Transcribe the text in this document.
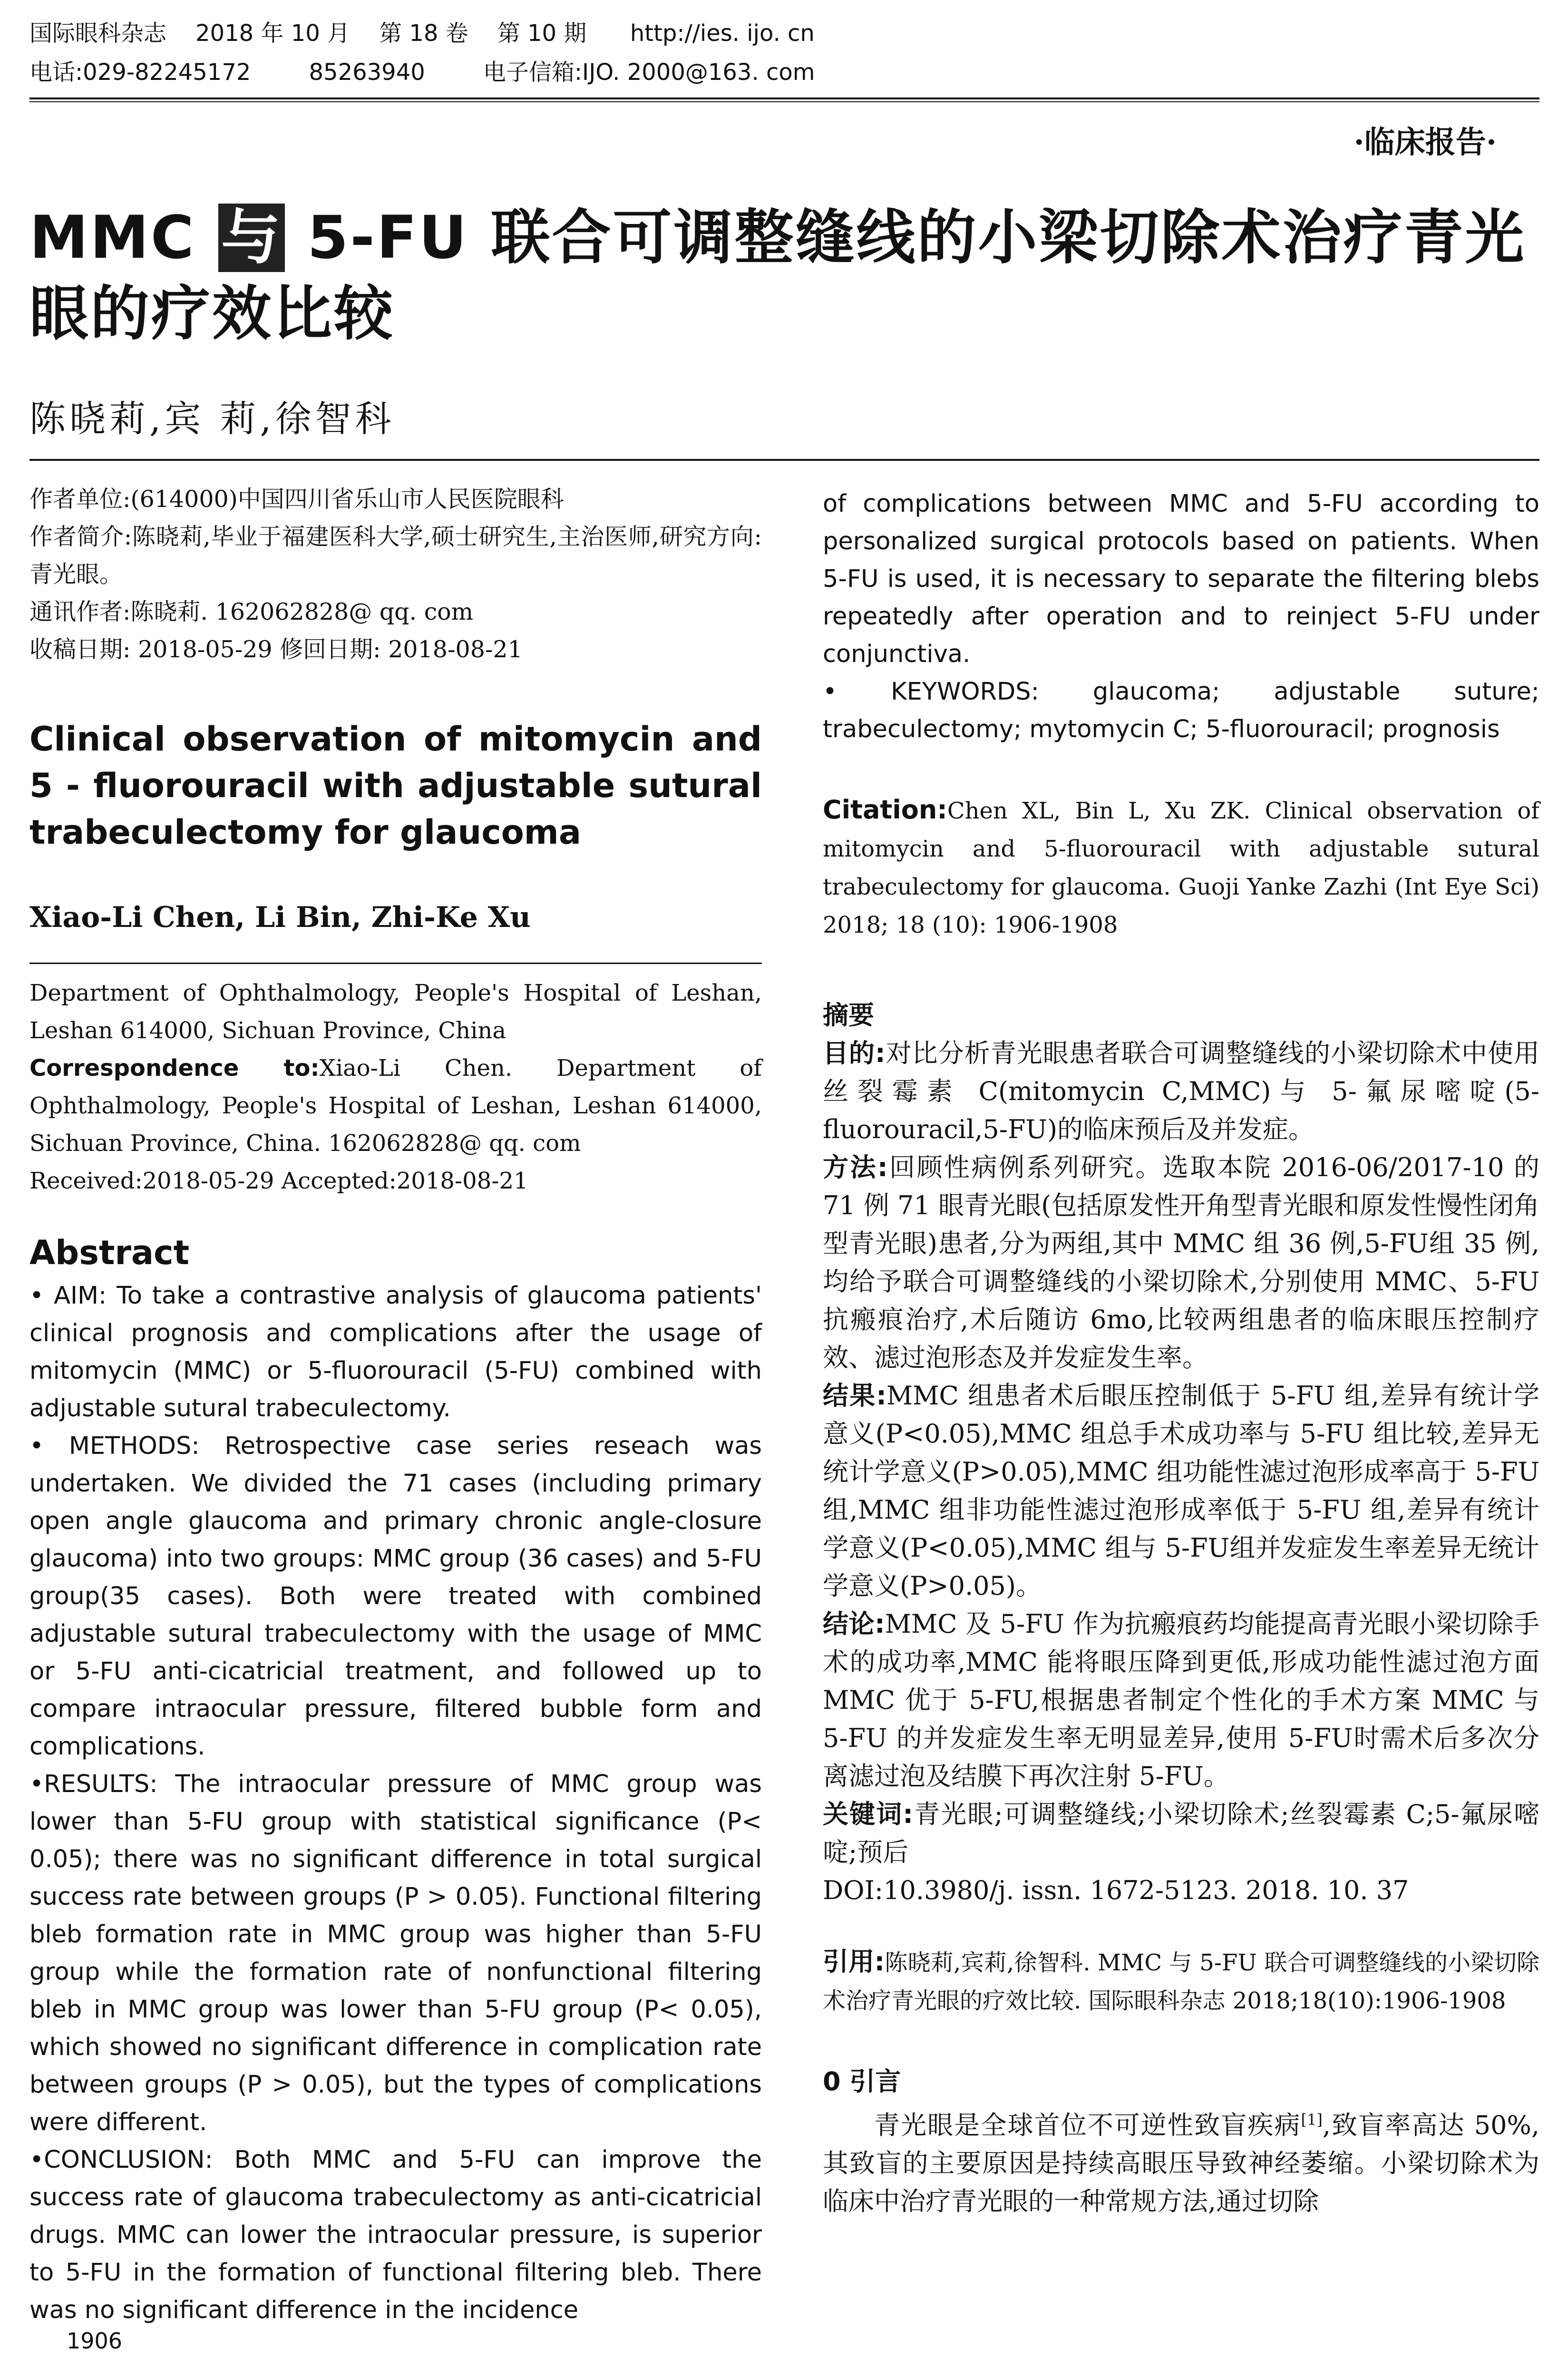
国际眼科杂志    2018 年 10 月    第 18 卷    第 10 期      http://ies. ijo. cn
电话:029-82245172        85263940        电子信箱:IJO. 2000@163. com
·临床报告·
MMC 与 5-FU 联合可调整缝线的小梁切除术治疗青光眼的疗效比较
陈晓莉,宾 莉,徐智科

作者单位:(614000)中国四川省乐山市人民医院眼科

作者简介:陈晓莉,毕业于福建医科大学,硕士研究生,主治医师,研究方向:青光眼。

通讯作者:陈晓莉. 162062828@ qq. com

收稿日期: 2018-05-29 修回日期: 2018-08-21

Clinical observation of mitomycin and 5 - fluorouracil with adjustable sutural trabeculectomy for glaucoma
Xiao-Li Chen, Li Bin, Zhi-Ke Xu

Department of Ophthalmology, People's Hospital of Leshan, Leshan 614000, Sichuan Province, China

Correspondence to:Xiao-Li Chen. Department of Ophthalmology, People's Hospital of Leshan, Leshan 614000, Sichuan Province, China. 162062828@ qq. com

Received:2018-05-29 Accepted:2018-08-21

Abstract

• AIM: To take a contrastive analysis of glaucoma patients' clinical prognosis and complications after the usage of mitomycin (MMC) or 5-fluorouracil (5-FU) combined with adjustable sutural trabeculectomy.

• METHODS: Retrospective case series reseach was undertaken. We divided the 71 cases (including primary open angle glaucoma and primary chronic angle-closure glaucoma) into two groups: MMC group (36 cases) and 5-FU group(35 cases). Both were treated with combined adjustable sutural trabeculectomy with the usage of MMC or 5-FU anti-cicatricial treatment, and followed up to compare intraocular pressure, filtered bubble form and complications.

•RESULTS: The intraocular pressure of MMC group was lower than 5-FU group with statistical significance (P< 0.05); there was no significant difference in total surgical success rate between groups (P > 0.05). Functional filtering bleb formation rate in MMC group was higher than 5-FU group while the formation rate of nonfunctional filtering bleb in MMC group was lower than 5-FU group (P< 0.05), which showed no significant difference in complication rate between groups (P > 0.05), but the types of complications were different.

•CONCLUSION: Both MMC and 5-FU can improve the success rate of glaucoma trabeculectomy as anti-cicatricial drugs. MMC can lower the intraocular pressure, is superior to 5-FU in the formation of functional filtering bleb. There was no significant difference in the incidence

of complications between MMC and 5-FU according to personalized surgical protocols based on patients. When 5-FU is used, it is necessary to separate the filtering blebs repeatedly after operation and to reinject 5-FU under conjunctiva.

• KEYWORDS: glaucoma; adjustable suture; trabeculectomy; mytomycin C; 5-fluorouracil; prognosis

Citation:Chen XL, Bin L, Xu ZK. Clinical observation of mitomycin and 5-fluorouracil with adjustable sutural trabeculectomy for glaucoma. Guoji Yanke Zazhi (Int Eye Sci) 2018; 18 (10): 1906-1908

摘要

目的:对比分析青光眼患者联合可调整缝线的小梁切除术中使用丝裂霉素 C(mitomycin C,MMC)与 5-氟尿嘧啶(5-fluorouracil,5-FU)的临床预后及并发症。

方法:回顾性病例系列研究。选取本院 2016-06/2017-10 的 71 例 71 眼青光眼(包括原发性开角型青光眼和原发性慢性闭角型青光眼)患者,分为两组,其中 MMC 组 36 例,5-FU组 35 例,均给予联合可调整缝线的小梁切除术,分别使用 MMC、5-FU 抗瘢痕治疗,术后随访 6mo,比较两组患者的临床眼压控制疗效、滤过泡形态及并发症发生率。

结果:MMC 组患者术后眼压控制低于 5-FU 组,差异有统计学意义(P<0.05),MMC 组总手术成功率与 5-FU 组比较,差异无统计学意义(P>0.05),MMC 组功能性滤过泡形成率高于 5-FU 组,MMC 组非功能性滤过泡形成率低于 5-FU 组,差异有统计学意义(P<0.05),MMC 组与 5-FU组并发症发生率差异无统计学意义(P>0.05)。

结论:MMC 及 5-FU 作为抗瘢痕药均能提高青光眼小梁切除手术的成功率,MMC 能将眼压降到更低,形成功能性滤过泡方面 MMC 优于 5-FU,根据患者制定个性化的手术方案 MMC 与 5-FU 的并发症发生率无明显差异,使用 5-FU时需术后多次分离滤过泡及结膜下再次注射 5-FU。

关键词:青光眼;可调整缝线;小梁切除术;丝裂霉素 C;5-氟尿嘧啶;预后

DOI:10.3980/j. issn. 1672-5123. 2018. 10. 37

引用:陈晓莉,宾莉,徐智科. MMC 与 5-FU 联合可调整缝线的小梁切除术治疗青光眼的疗效比较. 国际眼科杂志 2018;18(10):1906-1908

0 引言

青光眼是全球首位不可逆性致盲疾病[1],致盲率高达 50%,其致盲的主要原因是持续高眼压导致神经萎缩。小梁切除术为临床中治疗青光眼的一种常规方法,通过切除

1906
